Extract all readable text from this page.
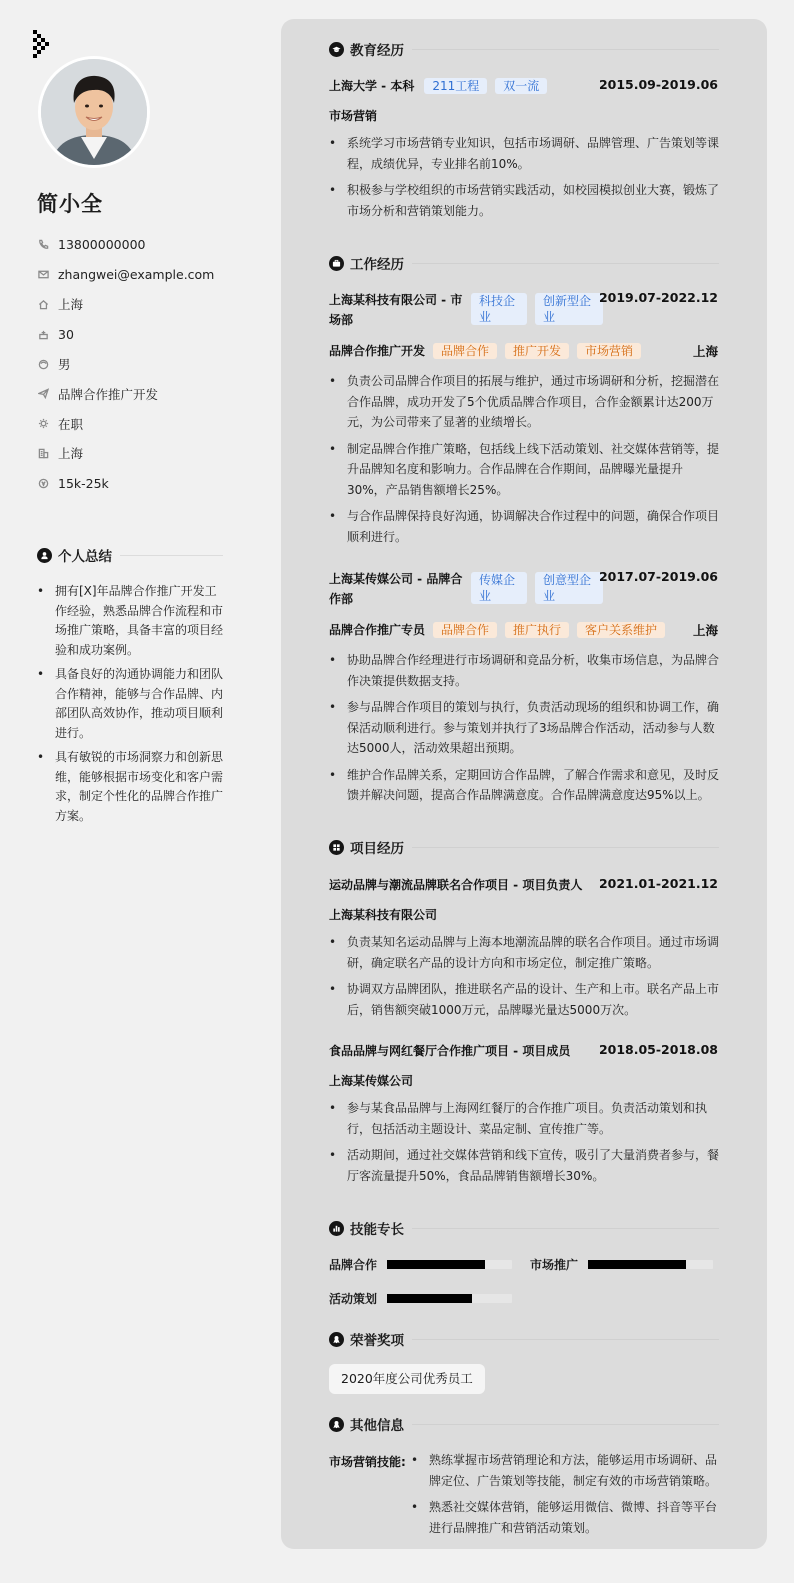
简小全
13800000000
zhangwei@example.com
上海
30
男
品牌合作推广开发
在职
上海
15k-25k
个人总结
• 拥有[X]年品牌合作推广开发工作经验，熟悉品牌合作流程和市场推广策略，具备丰富的项目经验和成功案例。
• 具备良好的沟通协调能力和团队合作精神，能够与合作品牌、内部团队高效协作，推动项目顺利进行。
• 具有敏锐的市场洞察力和创新思维，能够根据市场变化和客户需求，制定个性化的品牌合作推广方案。
教育经历
上海大学 - 本科	211工程	双一流	2015.09-2019.06
市场营销
• 系统学习市场营销专业知识，包括市场调研、品牌管理、广告策划等课程，成绩优异，专业排名前10%。
• 积极参与学校组织的市场营销实践活动，如校园模拟创业大赛，锻炼了市场分析和营销策划能力。
工作经历
上海某科技有限公司 - 市
场部
科技企
业
创新型企
业
2019.07-2022.12
品牌合作推广开发	品牌合作	推广开发	市场营销	上海
• 负责公司品牌合作项目的拓展与维护，通过市场调研和分析，挖掘潜在合作品牌，成功开发了5个优质品牌合作项目，合作金额累计达200万元，为公司带来了显著的业绩增长。
• 制定品牌合作推广策略，包括线上线下活动策划、社交媒体营销等，提升品牌知名度和影响力。合作品牌在合作期间，品牌曝光量提升30%，产品销售额增长25%。
• 与合作品牌保持良好沟通，协调解决合作过程中的问题，确保合作项目顺利进行。
上海某传媒公司 - 品牌合
作部
传媒企
业
创意型企
业
2017.07-2019.06
品牌合作推广专员	品牌合作	推广执行	客户关系维护	上海
• 协助品牌合作经理进行市场调研和竞品分析，收集市场信息，为品牌合作决策提供数据支持。
• 参与品牌合作项目的策划与执行，负责活动现场的组织和协调工作，确保活动顺利进行。参与策划并执行了3场品牌合作活动，活动参与人数达5000人，活动效果超出预期。
• 维护合作品牌关系，定期回访合作品牌，了解合作需求和意见，及时反馈并解决问题，提高合作品牌满意度。合作品牌满意度达95%以上。
项目经历
运动品牌与潮流品牌联名合作项目 - 项目负责人 2021.01-2021.12
上海某科技有限公司
• 负责某知名运动品牌与上海本地潮流品牌的联名合作项目。通过市场调研，确定联名产品的设计方向和市场定位，制定推广策略。
• 协调双方品牌团队，推进联名产品的设计、生产和上市。联名产品上市后，销售额突破1000万元，品牌曝光量达5000万次。
食品品牌与网红餐厅合作推广项目 - 项目成员 2018.05-2018.08
上海某传媒公司
• 参与某食品品牌与上海网红餐厅的合作推广项目。负责活动策划和执行，包括活动主题设计、菜品定制、宣传推广等。
• 活动期间，通过社交媒体营销和线下宣传，吸引了大量消费者参与，餐厅客流量提升50%，食品品牌销售额增长30%。
技能专长
品牌合作	市场推广
活动策划
荣誉奖项
2020年度公司优秀员工
其他信息
市场营销技能:
•	熟练掌握市场营销理论和方法，能够运用市场调研、品牌定位、广告策划等技能，制定有效的市场营销策略。
• 熟悉社交媒体营销，能够运用微信、微博、抖音等平台进行品牌推广和营销活动策划。
